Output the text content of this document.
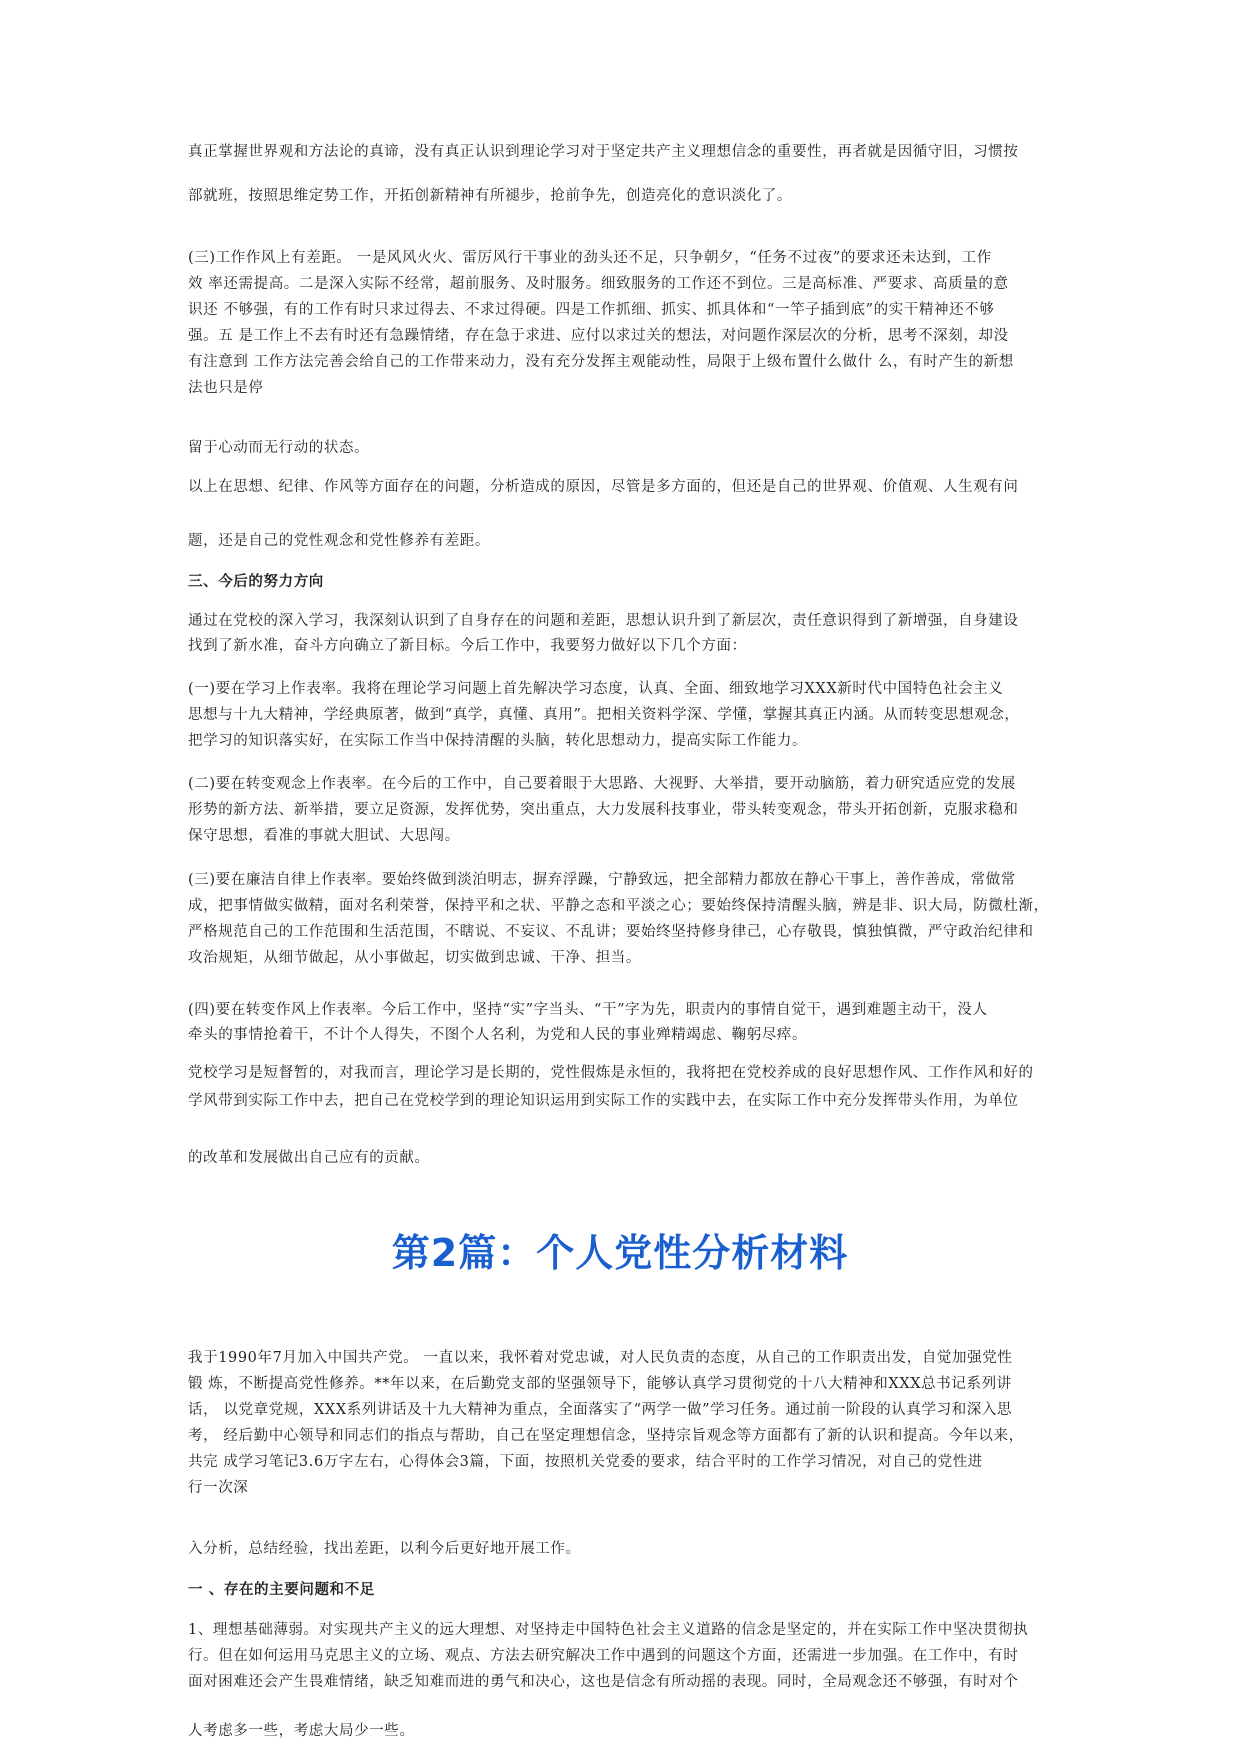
真正掌握世界观和方法论的真谛，没有真正认识到理论学习对于坚定共产主义理想信念的重要性，再者就是因循守旧，习惯按

部就班，按照思维定势工作，开拓创新精神有所褪步，抢前争先，创造亮化的意识淡化了。

(三)工作作风上有差距。 一是风风火火、雷厉风行干事业的劲头还不足，只争朝夕，“任务不过夜”的要求还未达到，工作
效 率还需提高。二是深入实际不经常，超前服务、及时服务。细致服务的工作还不到位。三是高标准、严要求、高质量的意
识还 不够强，有的工作有时只求过得去、不求过得硬。四是工作抓细、抓实、抓具体和“一竿子插到底”的实干精神还不够
强。五 是工作上不去有时还有急躁情绪，存在急于求进、应付以求过关的想法，对问题作深层次的分析，思考不深刻，却没
有注意到 工作方法完善会给自己的工作带来动力，没有充分发挥主观能动性，局限于上级布置什么做什 么，有时产生的新想
法也只是停

留于心动而无行动的状态。

以上在思想、纪律、作风等方面存在的问题，分析造成的原因，尽管是多方面的，但还是自己的世界观、价值观、人生观有问

题，还是自己的党性观念和党性修养有差距。

三、今后的努力方向

通过在党校的深入学习，我深刻认识到了自身存在的问题和差距，思想认识升到了新层次，责任意识得到了新增强，自身建设
找到了新水准，奋斗方向确立了新目标。今后工作中，我要努力做好以下几个方面：

(一)要在学习上作表率。我将在理论学习问题上首先解决学习态度，认真、全面、细致地学习XXX新时代中国特色社会主义
思想与十九大精神，学经典原著，做到“真学，真懂、真用”。把相关资料学深、学懂，掌握其真正内涵。从而转变思想观念，
把学习的知识落实好，在实际工作当中保持清醒的头脑，转化思想动力，提高实际工作能力。

(二)要在转变观念上作表率。在今后的工作中，自己要着眼于大思路、大视野、大举措，要开动脑筋，着力研究适应党的发展
形势的新方法、新举措，要立足资源，发挥优势，突出重点，大力发展科技事业，带头转变观念，带头开拓创新，克服求稳和
保守思想，看准的事就大胆试、大思闯。

(三)要在廉洁自律上作表率。要始终做到淡泊明志，摒弃浮躁，宁静致远，把全部精力都放在静心干事上，善作善成，常做常
成，把事情做实做精，面对名利荣誉，保持平和之状、平静之态和平淡之心；要始终保持清醒头脑，辨是非、识大局，防微杜渐，
严格规范自己的工作范围和生活范围，不瞎说、不妄议、不乱讲；要始终坚持修身律己，心存敬畏，慎独慎微，严守政治纪律和
攻治规矩，从细节做起，从小事做起，切实做到忠诚、干净、担当。

(四)要在转变作风上作表率。今后工作中，坚持“实”字当头、“干”字为先，职责内的事情自觉干，遇到难题主动干，没人
牵头的事情抢着干，不计个人得失，不图个人名利，为党和人民的事业殚精竭虑、鞠躬尽瘁。

党校学习是短督暂的，对我而言，理论学习是长期的，党性假炼是永恒的，我将把在党校养成的良好思想作风、工作作风和好的
学风带到实际工作中去，把自己在党校学到的理论知识运用到实际工作的实践中去，在实际工作中充分发挥带头作用，为单位

的改革和发展做出自己应有的贡献。

第2篇：个人党性分析材料

我于1990年7月加入中国共产党。 一直以来，我怀着对党忠诚，对人民负责的态度，从自己的工作职责出发，自觉加强党性
锻 炼，不断提高党性修养。**年以来，在后勤党支部的坚强领导下，能够认真学习贯彻党的十八大精神和XXX总书记系列讲
话， 以党章党规，XXX系列讲话及十九大精神为重点，全面落实了“两学一做”学习任务。通过前一阶段的认真学习和深入思
考， 经后勤中心领导和同志们的指点与帮助，自己在坚定理想信念，坚持宗旨观念等方面都有了新的认识和提高。今年以来，
共完 成学习笔记3.6万字左右，心得体会3篇，下面，按照机关党委的要求，结合平时的工作学习情况，对自己的党性进
行一次深

入分析，总结经验，找出差距，以利今后更好地开展工作。

一 、存在的主要问题和不足

1、理想基础薄弱。对实现共产主义的远大理想、对坚持走中国特色社会主义道路的信念是坚定的，并在实际工作中坚决贯彻执
行。但在如何运用马克思主义的立场、观点、方法去研究解决工作中遇到的问题这个方面，还需进一步加强。在工作中，有时
面对困难还会产生畏难情绪，缺乏知难而进的勇气和决心，这也是信念有所动摇的表现。同时，全局观念还不够强，有时对个

人考虑多一些，考虑大局少一些。
